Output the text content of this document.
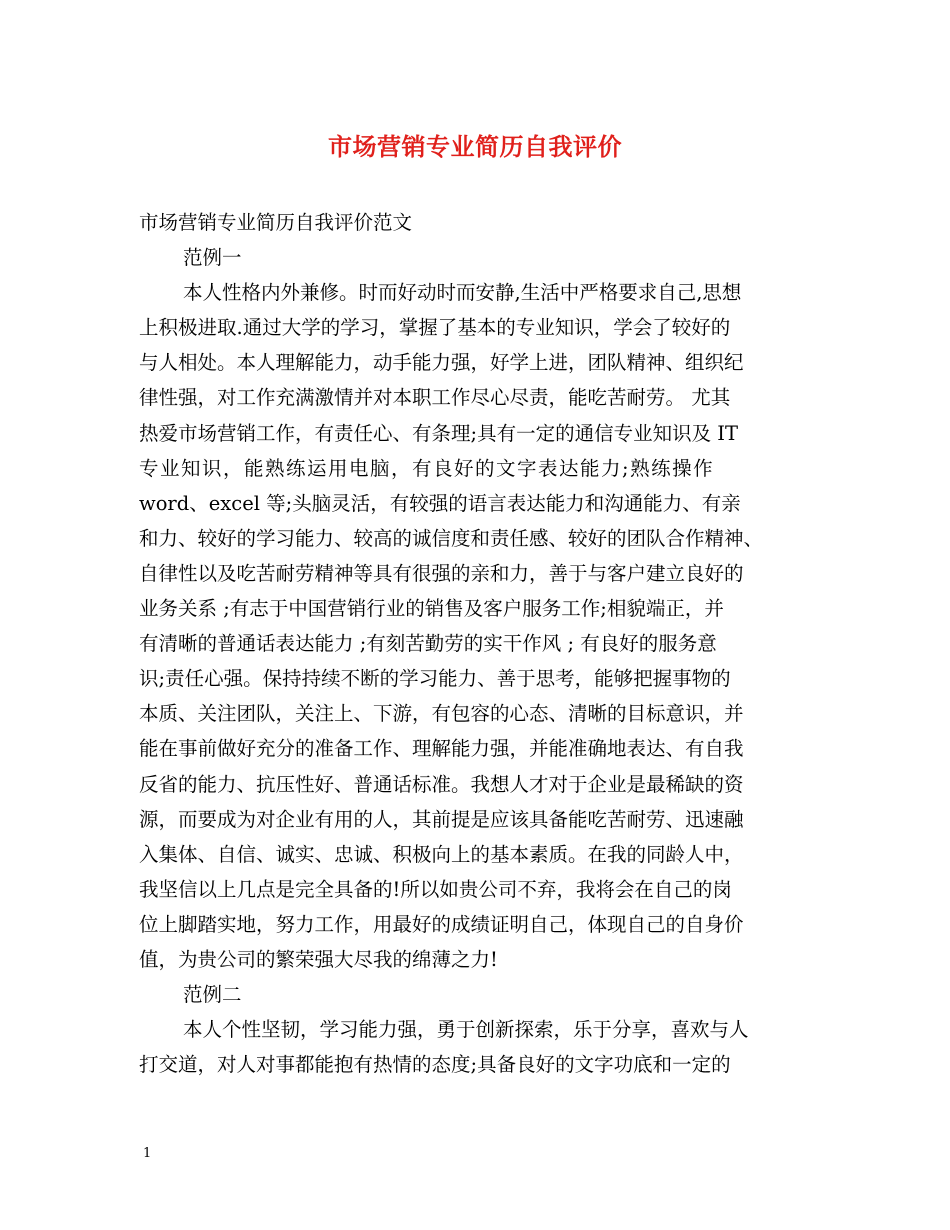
市场营销专业简历自我评价
市场营销专业简历自我评价范文
范例一
本人性格内外兼修。时而好动时而安静,生活中严格要求自己,思想
上积极进取.通过大学的学习，掌握了基本的专业知识，学会了较好的
与人相处。本人理解能力，动手能力强，好学上进，团队精神、组织纪
律性强，对工作充满激情并对本职工作尽心尽责，能吃苦耐劳。 尤其
热爱市场营销工作，有责任心、有条理;具有一定的通信专业知识及 IT
专业知识，能熟练运用电脑，有良好的文字表达能力;熟练操作
word、excel 等;头脑灵活，有较强的语言表达能力和沟通能力、有亲
和力、较好的学习能力、较高的诚信度和责任感、较好的团队合作精神、
自律性以及吃苦耐劳精神等具有很强的亲和力，善于与客户建立良好的
业务关系 ;有志于中国营销行业的销售及客户服务工作;相貌端正，并
有清晰的普通话表达能力 ;有刻苦勤劳的实干作风 ; 有良好的服务意
识;责任心强。保持持续不断的学习能力、善于思考，能够把握事物的
本质、关注团队，关注上、下游，有包容的心态、清晰的目标意识，并
能在事前做好充分的准备工作、理解能力强，并能准确地表达、有自我
反省的能力、抗压性好、普通话标准。我想人才对于企业是最稀缺的资
源，而要成为对企业有用的人，其前提是应该具备能吃苦耐劳、迅速融
入集体、自信、诚实、忠诚、积极向上的基本素质。在我的同龄人中，
我坚信以上几点是完全具备的!所以如贵公司不弃，我将会在自己的岗
位上脚踏实地，努力工作，用最好的成绩证明自己，体现自己的自身价
值，为贵公司的繁荣强大尽我的绵薄之力!
范例二
本人个性坚韧，学习能力强，勇于创新探索，乐于分享，喜欢与人
打交道，对人对事都能抱有热情的态度;具备良好的文字功底和一定的
1
